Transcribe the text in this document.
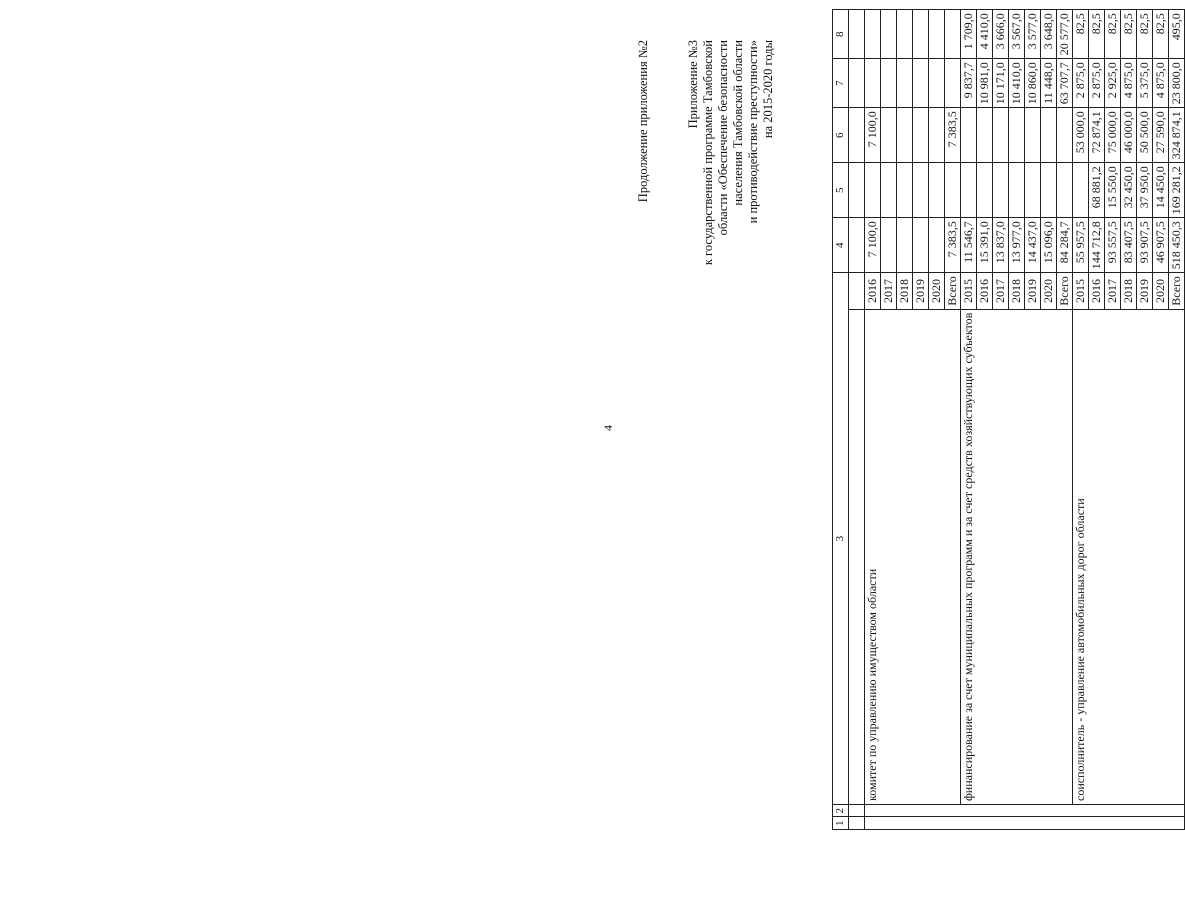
4
Продолжение приложения №2	Приложение №3 к государственной программе Тамбовской области «Обеспечение безопасности населения Тамбовской области и противодействие преступности» на 2015-2020 годы
1	2	3		4	5	6	7	8

		комитет по управлению имуществом области	2016	7 100,0		7 100,0		
			2017					
			2018					
			2019					
			2020					
			Всего	7 383,5		7 383,5		
		финансирование за счет муниципальных программ и за счет средств хозяйствующих субъектов	2015	11 546,7			9 837,7	1 709,0
			2016	15 391,0			10 981,0	4 410,0
			2017	13 837,0			10 171,0	3 666,0
			2018	13 977,0			10 410,0	3 567,0
			2019	14 437,0			10 860,0	3 577,0
			2020	15 096,0			11 448,0	3 648,0
			Всего	84 284,7			63 707,7	20 577,0
		соисполнитель - управление автомобильных дорог области	2015	55 957,5		53 000,0	2 875,0	82,5
			2016	144 712,8	68 881,2	72 874,1	2 875,0	82,5
			2017	93 557,5	15 550,0	75 000,0	2 925,0	82,5
			2018	83 407,5	32 450,0	46 000,0	4 875,0	82,5
			2019	93 907,5	37 950,0	50 500,0	5 375,0	82,5
			2020	46 907,5	14 450,0	27 590,0	4 875,0	82,5
			Всего	518 450,3	169 281,2	324 874,1	23 800,0	495,0
